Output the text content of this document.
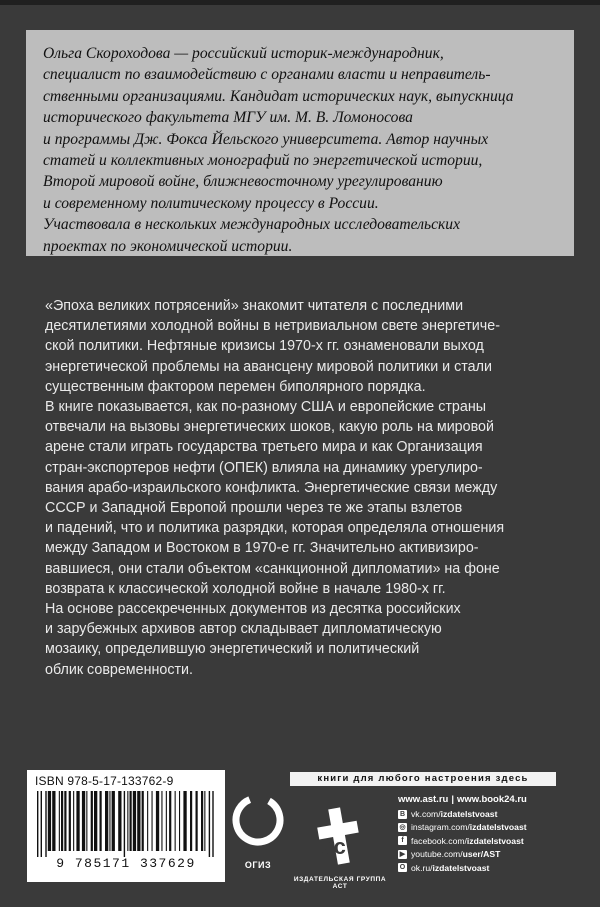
Ольга Скороходова — российский историк-международник,
специалист по взаимодействию с органами власти и неправитель-
ственными организациями. Кандидат исторических наук, выпускница
исторического факультета МГУ им. М. В. Ломоносова
и программы Дж. Фокса Йельского университета. Автор научных
статей и коллективных монографий по энергетической истории,
Второй мировой войне, ближневосточному урегулированию
и современному политическому процессу в России.
Участвовала в нескольких международных исследовательских
проектах по экономической истории.

«Эпоха великих потрясений» знакомит читателя с последними
десятилетиями холодной войны в нетривиальном свете энергетиче-
ской политики. Нефтяные кризисы 1970-х гг. ознаменовали выход
энергетической проблемы на авансцену мировой политики и стали
существенным фактором перемен биполярного порядка.
В книге показывается, как по-разному США и европейские страны
отвечали на вызовы энергетических шоков, какую роль на мировой
арене стали играть государства третьего мира и как Организация
стран-экспортеров нефти (ОПЕК) влияла на динамику урегулиро-
вания арабо-израильского конфликта. Энергетические связи между
СССР и Западной Европой прошли через те же этапы взлетов
и падений, что и политика разрядки, которая определяла отношения
между Западом и Востоком в 1970-е гг. Значительно активизиро-
вавшиеся, они стали объектом «санкционной дипломатии» на фоне
возврата к классической холодной войне в начале 1980-х гг.
На основе рассекреченных документов из десятка российских
и зарубежных архивов автор складывает дипломатическую
мозаику, определившую энергетический и политический
облик современности.

ISBN 978-5-17-133762-9
9 785171 337629	ОГИЗ
книги для любого настроения здесь
аст
ИЗДАТЕЛЬСКАЯ ГРУППА АСТ
www.ast.ru | www.book24.ru
В vk.com/ izdatelstvoast
◎ instagram.com/ izdatelstvoast
f facebook.com/ izdatelstvoast
▶ youtube.com/ user/AST
О ok.ru/ izdatelstvoast
